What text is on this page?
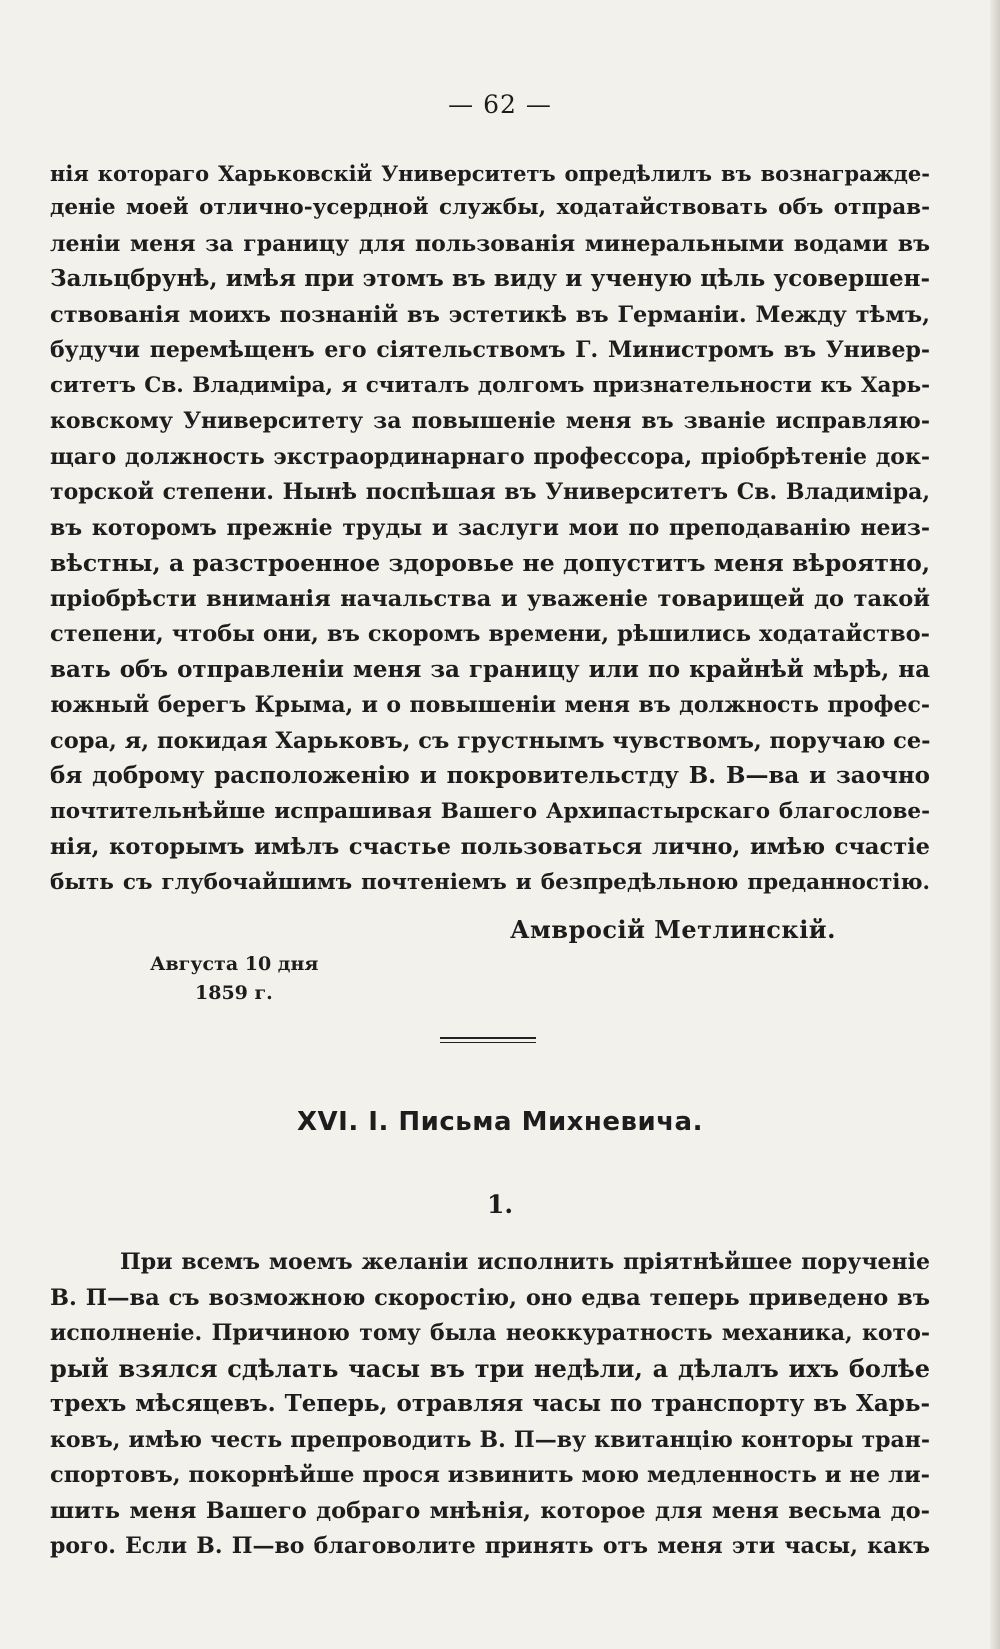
— 62 —
нія котораго Харьковскій Университетъ опредѣлилъ въ вознагражде-
деніе моей отлично-усердной службы, ходатайствовать объ отправ-
леніи меня за границу для пользованія минеральными водами въ
Зальцбрунѣ, имѣя при этомъ въ виду и ученую цѣль усовершен-
ствованія моихъ познаній въ эстетикѣ въ Германіи. Между тѣмъ,
будучи перемѣщенъ его сіятельствомъ Г. Министромъ въ Универ-
ситетъ Св. Владиміра, я считалъ долгомъ признательности къ Харь-
ковскому Университету за повышеніе меня въ званіе исправляю-
щаго должность экстраординарнаго профессора, пріобрѣтеніе док-
торской степени. Нынѣ поспѣшая въ Университетъ Св. Владиміра,
въ которомъ прежніе труды и заслуги мои по преподаванію неиз-
вѣстны, а разстроенное здоровье не допуститъ меня вѣроятно,
пріобрѣсти вниманія начальства и уваженіе товарищей до такой
степени, чтобы они, въ скоромъ времени, рѣшились ходатайство-
вать объ отправленіи меня за границу или по крайнѣй мѣрѣ, на
южный берегъ Крыма, и о повышеніи меня въ должность профес-
сора, я, покидая Харьковъ, съ грустнымъ чувствомъ, поручаю се-
бя доброму расположенію и покровительстду В. В—ва и заочно
почтительнѣйше испрашивая Вашего Архипастырскаго благослове-
нія, которымъ имѣлъ счастье пользоваться лично, имѣю счастіе
быть съ глубочайшимъ почтеніемъ и безпредѣльною преданностію.
Амвросій Метлинскій.
Августа 10 дня
1859 г.
XVI. I. Письма Михневича.
1.
При всемъ моемъ желаніи исполнить пріятнѣйшее порученіе
В. П—ва съ возможною скоростію, оно едва теперь приведено въ
исполненіе. Причиною тому была неоккуратность механика, кото-
рый взялся сдѣлать часы въ три недѣли, а дѣлалъ ихъ болѣе
трехъ мѣсяцевъ. Теперь, отравляя часы по транспорту въ Харь-
ковъ, имѣю честь препроводить В. П—ву квитанцію конторы тран-
спортовъ, покорнѣйше прося извинить мою медленность и не ли-
шить меня Вашего добраго мнѣнія, которое для меня весьма до-
рого. Если В. П—во благоволите принять отъ меня эти часы, какъ
